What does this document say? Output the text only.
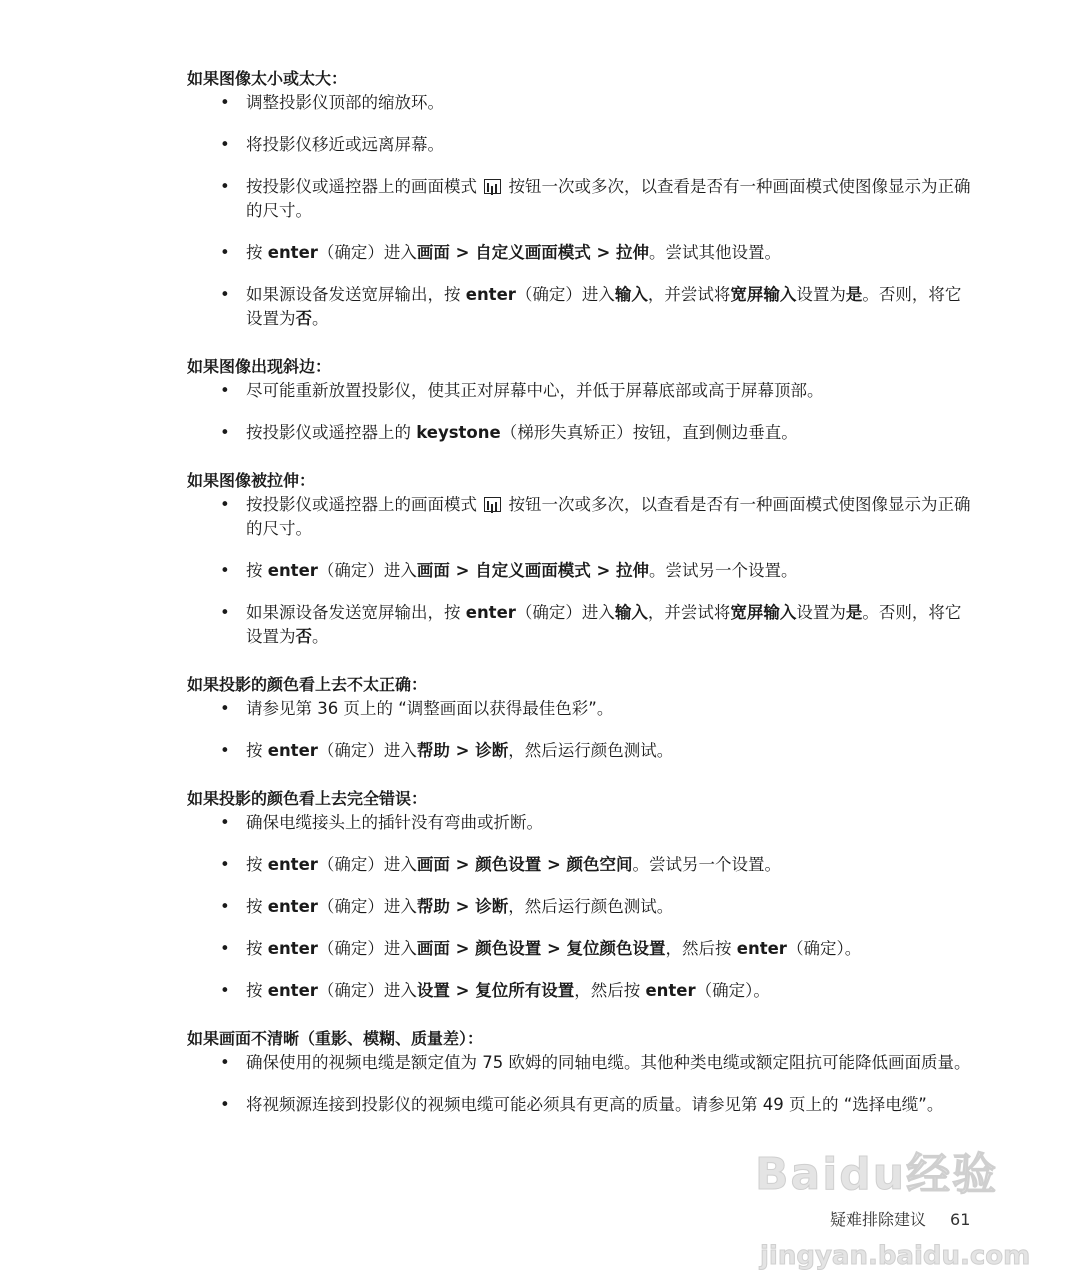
Baidu经验
jingyan.baidu.com
如果图像太小或太大：
• 调整投影仪顶部的缩放环。
• 将投影仪移近或远离屏幕。
• 按投影仪或遥控器上的画面模式  按钮一次或多次，以查看是否有一种画面模式使图像显示为正确的尺寸。
• 按 enter（确定）进入画面 > 自定义画面模式 > 拉伸。尝试其他设置。
• 如果源设备发送宽屏输出，按 enter（确定）进入输入，并尝试将宽屏输入设置为是。否则，将它设置为否。
如果图像出现斜边：
• 尽可能重新放置投影仪，使其正对屏幕中心，并低于屏幕底部或高于屏幕顶部。
• 按投影仪或遥控器上的 keystone（梯形失真矫正）按钮，直到侧边垂直。
如果图像被拉伸：
• 按投影仪或遥控器上的画面模式  按钮一次或多次，以查看是否有一种画面模式使图像显示为正确的尺寸。
• 按 enter（确定）进入画面 > 自定义画面模式 > 拉伸。尝试另一个设置。
• 如果源设备发送宽屏输出，按 enter（确定）进入输入，并尝试将宽屏输入设置为是。否则，将它设置为否。
如果投影的颜色看上去不太正确：
• 请参见第 36 页上的 “调整画面以获得最佳色彩”。
• 按 enter（确定）进入帮助 > 诊断，然后运行颜色测试。
如果投影的颜色看上去完全错误：
• 确保电缆接头上的插针没有弯曲或折断。
• 按 enter（确定）进入画面 > 颜色设置 > 颜色空间。尝试另一个设置。
• 按 enter（确定）进入帮助 > 诊断，然后运行颜色测试。
• 按 enter（确定）进入画面 > 颜色设置 > 复位颜色设置，然后按 enter（确定）。
• 按 enter（确定）进入设置 > 复位所有设置，然后按 enter（确定）。
如果画面不清晰（重影、模糊、质量差）：
• 确保使用的视频电缆是额定值为 75 欧姆的同轴电缆。其他种类电缆或额定阻抗可能降低画面质量。
• 将视频源连接到投影仪的视频电缆可能必须具有更高的质量。请参见第 49 页上的 “选择电缆”。
疑难排除建议 61
